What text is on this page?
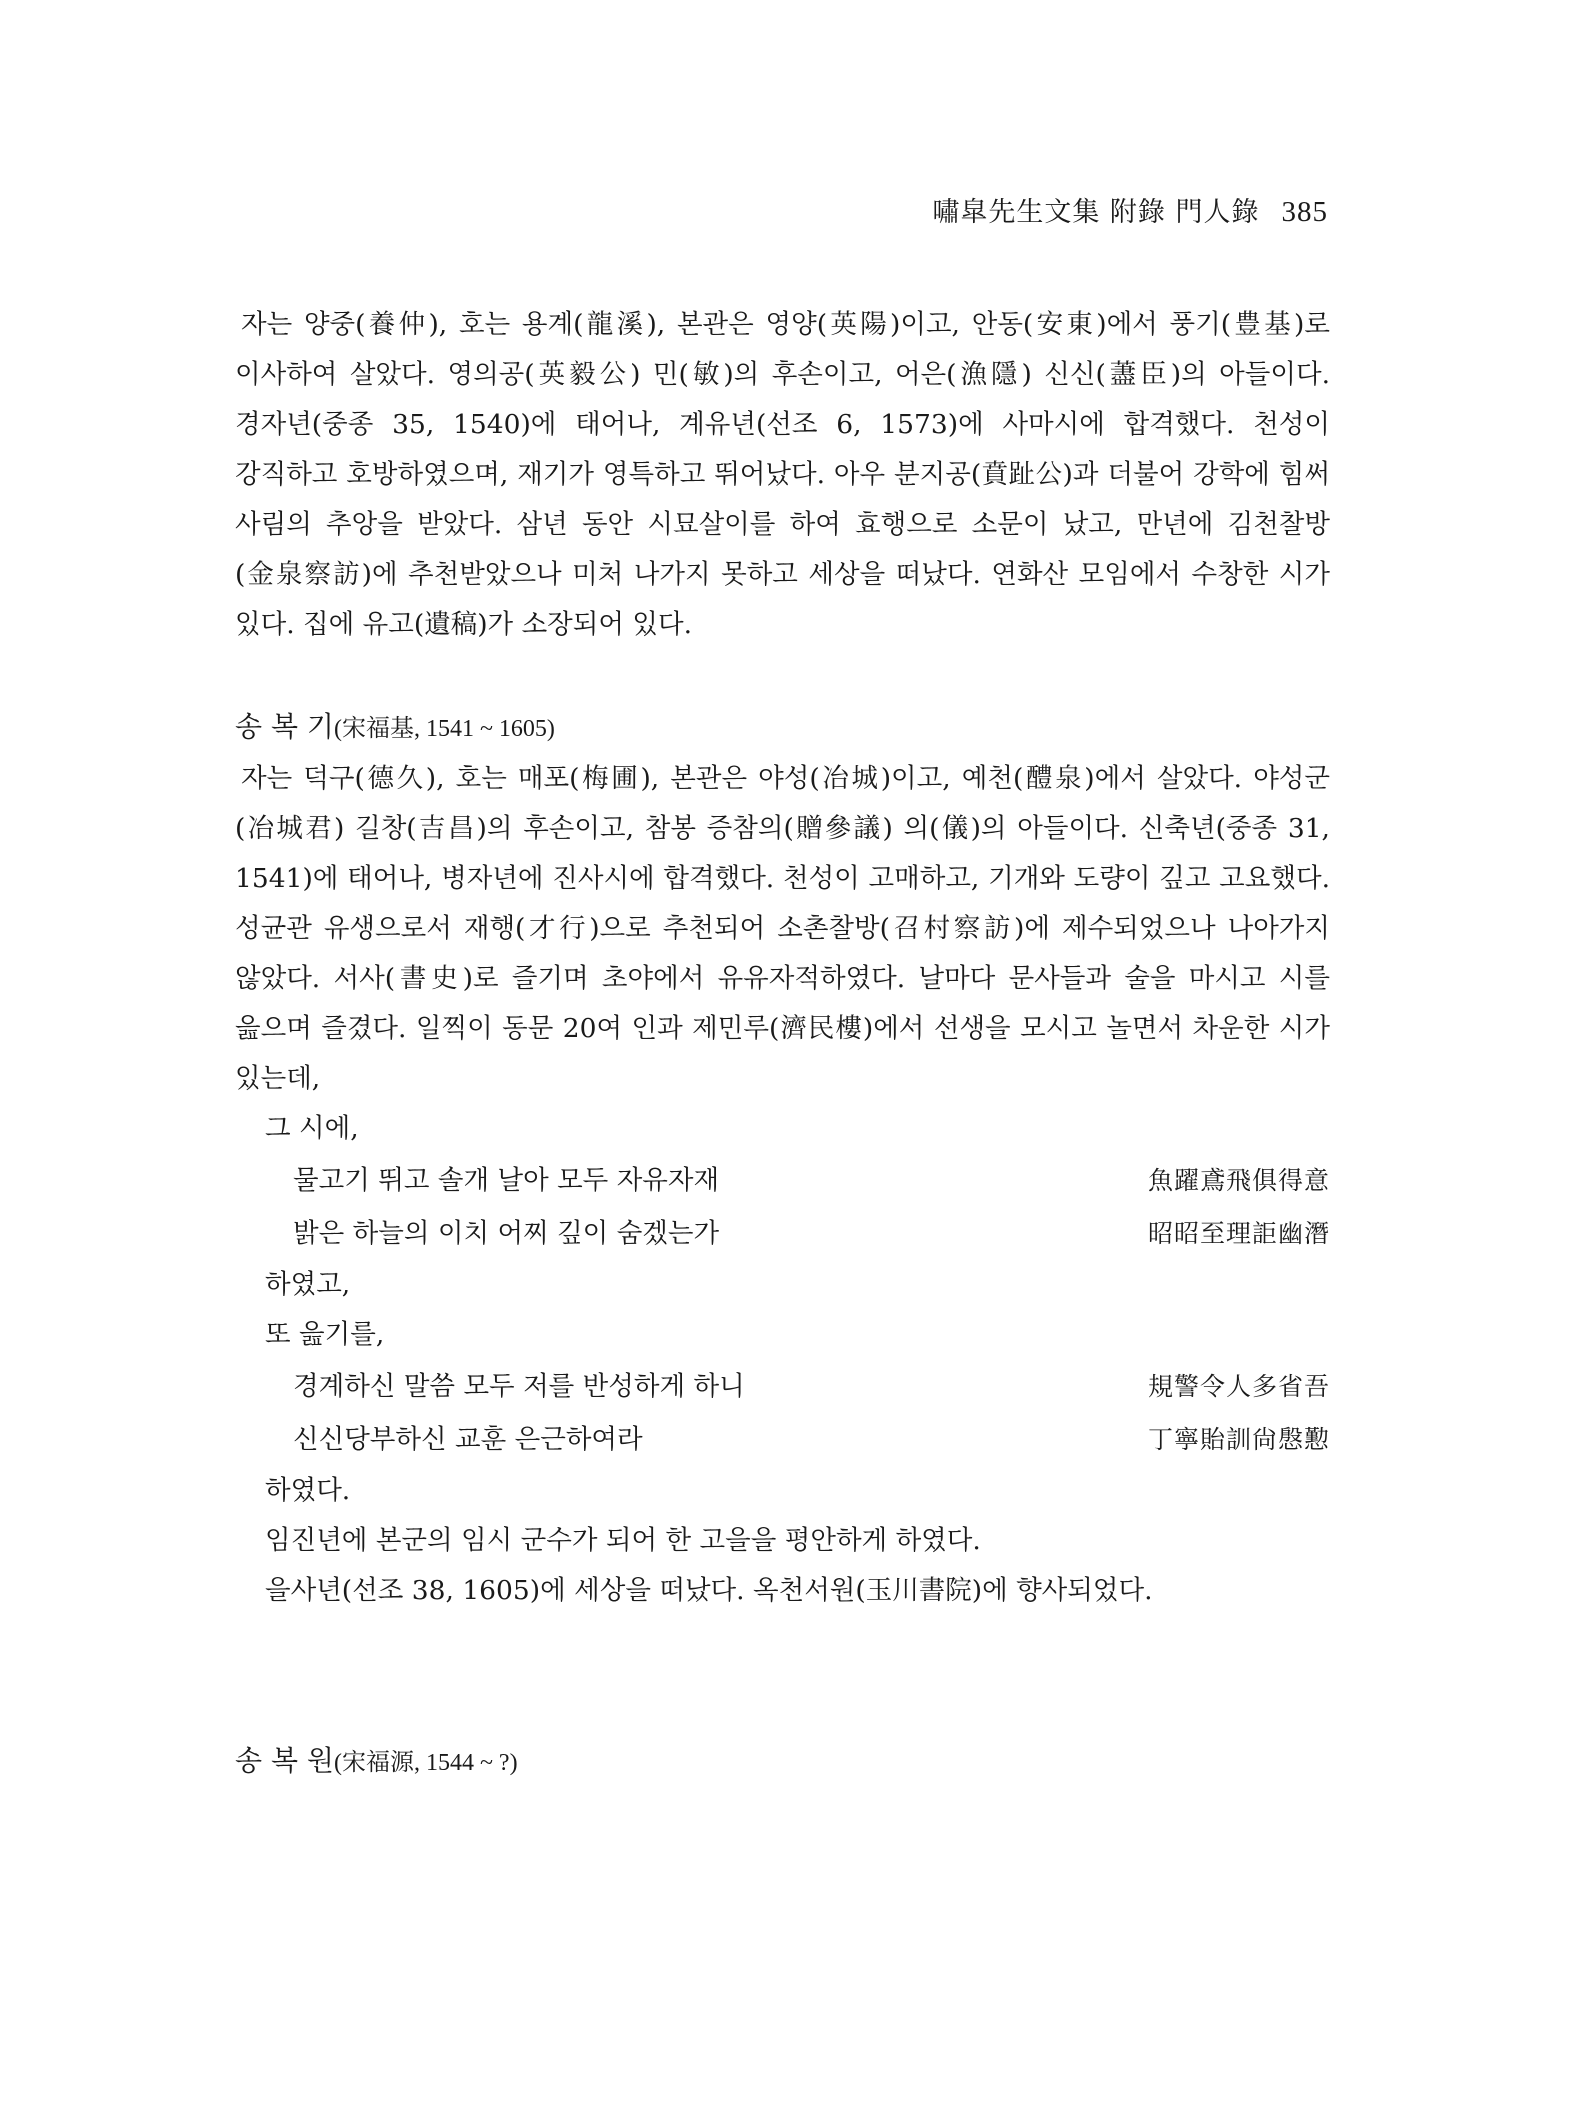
嘯皐先生文集 附錄 門人錄 385

자는 양중(養仲), 호는 용계(龍溪), 본관은 영양(英陽)이고, 안동(安東)에서 풍기(豊基)로 이사하여 살았다. 영의공(英毅公) 민(敏)의 후손이고, 어은(漁隱) 신신(藎臣)의 아들이다. 경자년(중종 35, 1540)에 태어나, 계유년(선조 6, 1573)에 사마시에 합격했다. 천성이 강직하고 호방하였으며, 재기가 영특하고 뛰어났다. 아우 분지공(賁趾公)과 더불어 강학에 힘써 사림의 추앙을 받았다. 삼년 동안 시묘살이를 하여 효행으로 소문이 났고, 만년에 김천찰방(金泉察訪)에 추천받았으나 미처 나가지 못하고 세상을 떠났다. 연화산 모임에서 수창한 시가 있다. 집에 유고(遺稿)가 소장되어 있다.

송 복 기(宋福基, 1541 ~ 1605)

자는 덕구(德久), 호는 매포(梅圃), 본관은 야성(冶城)이고, 예천(醴泉)에서 살았다. 야성군(冶城君) 길창(吉昌)의 후손이고, 참봉 증참의(贈參議) 의(儀)의 아들이다. 신축년(중종 31, 1541)에 태어나, 병자년에 진사시에 합격했다. 천성이 고매하고, 기개와 도량이 깊고 고요했다. 성균관 유생으로서 재행(才行)으로 추천되어 소촌찰방(召村察訪)에 제수되었으나 나아가지 않았다. 서사(書史)로 즐기며 초야에서 유유자적하였다. 날마다 문사들과 술을 마시고 시를 읊으며 즐겼다. 일찍이 동문 20여 인과 제민루(濟民樓)에서 선생을 모시고 놀면서 차운한 시가 있는데,

그 시에,

물고기 뛰고 솔개 날아 모두 자유자재	魚躍鳶飛俱得意
밝은 하늘의 이치 어찌 깊이 숨겠는가	昭昭至理詎幽潛

하였고,

또 읊기를,

경계하신 말씀 모두 저를 반성하게 하니	規警令人多省吾
신신당부하신 교훈 은근하여라	丁寧貽訓尙慇懃

하였다.

임진년에 본군의 임시 군수가 되어 한 고을을 평안하게 하였다.

을사년(선조 38, 1605)에 세상을 떠났다. 옥천서원(玉川書院)에 향사되었다.

송 복 원(宋福源, 1544 ~ ?)
